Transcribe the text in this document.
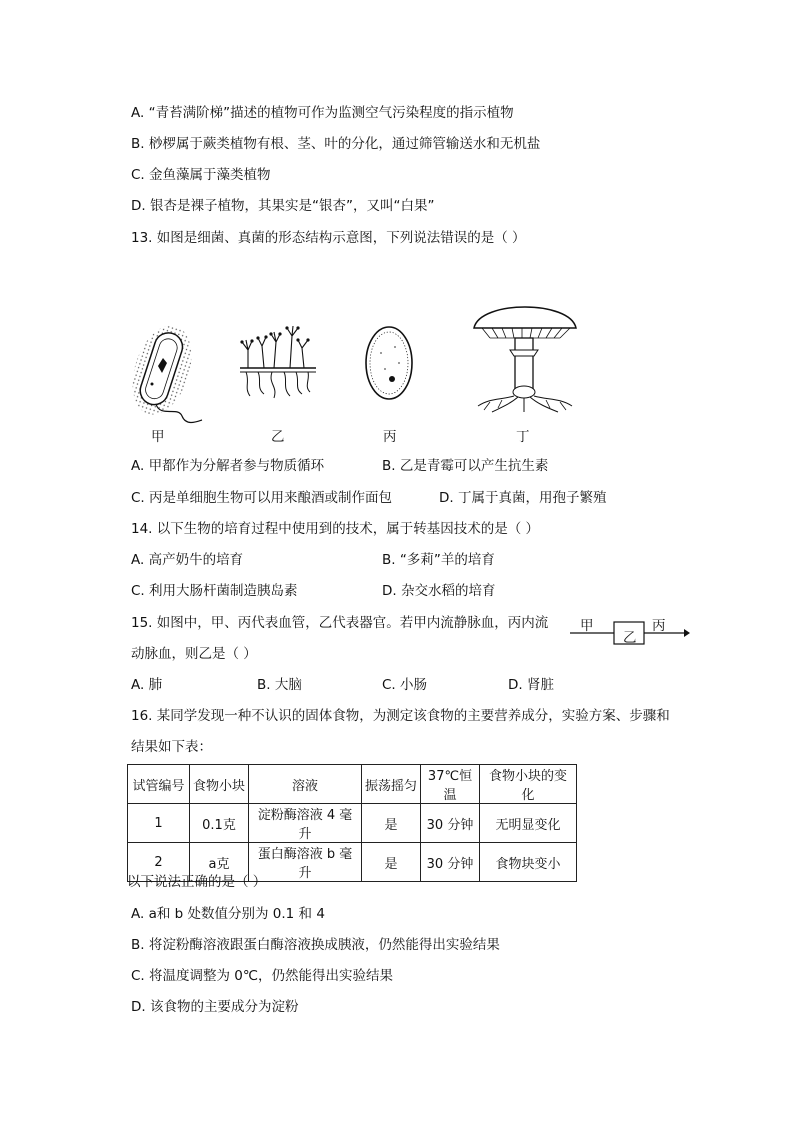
A. “青苔满阶梯”描述的植物可作为监测空气污染程度的指示植物
B. 桫椤属于蕨类植物有根、茎、叶的分化，通过筛管输送水和无机盐
C. 金鱼藻属于藻类植物
D. 银杏是裸子植物，其果实是“银杏”，又叫“白果”
13. 如图是细菌、真菌的形态结构示意图，下列说法错误的是（ ）
甲	乙	丙	丁
A. 甲都作为分解者参与物质循环	B. 乙是青霉可以产生抗生素
C. 丙是单细胞生物可以用来酿酒或制作面包	D. 丁属于真菌，用孢子繁殖
14. 以下生物的培育过程中使用到的技术，属于转基因技术的是（ ）
A. 高产奶牛的培育	B. “多莉”羊的培育
C. 利用大肠杆菌制造胰岛素	D. 杂交水稻的培育
15. 如图中，甲、丙代表血管，乙代表器官。若甲内流静脉血，丙内流
动脉血，则乙是（ ）
甲
乙
丙
A. 肺	B. 大脑	C. 小肠	D. 肾脏
16. 某同学发现一种不认识的固体食物，为测定该食物的主要营养成分，实验方案、步骤和
结果如下表：
试管编号	食物小块	溶液	振荡摇匀	37℃恒温	食物小块的变化
1	0.1克	淀粉酶溶液 4 毫升	是	30 分钟	无明显变化
2	a克	蛋白酶溶液 b 毫升	是	30 分钟	食物块变小
以下说法正确的是（ ）
A. a和 b 处数值分别为 0.1 和 4
B. 将淀粉酶溶液跟蛋白酶溶液换成胰液，仍然能得出实验结果
C. 将温度调整为 0℃，仍然能得出实验结果
D. 该食物的主要成分为淀粉
